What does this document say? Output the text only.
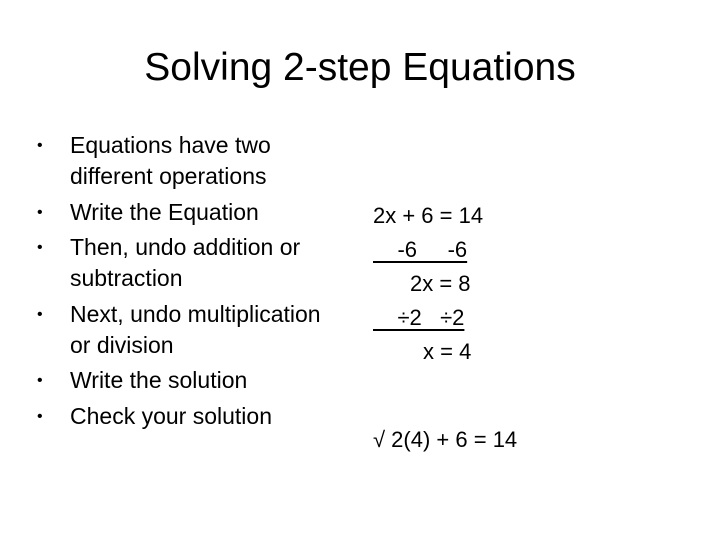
Solving 2-step Equations
• Equations have two different operations
• Write the Equation
• Then, undo addition or subtraction
• Next, undo multiplication or division
• Write the solution
• Check your solution
2x + 6 = 14
-6     -6
2x = 8
÷2   ÷2
x = 4
√ 2(4) + 6 = 14
